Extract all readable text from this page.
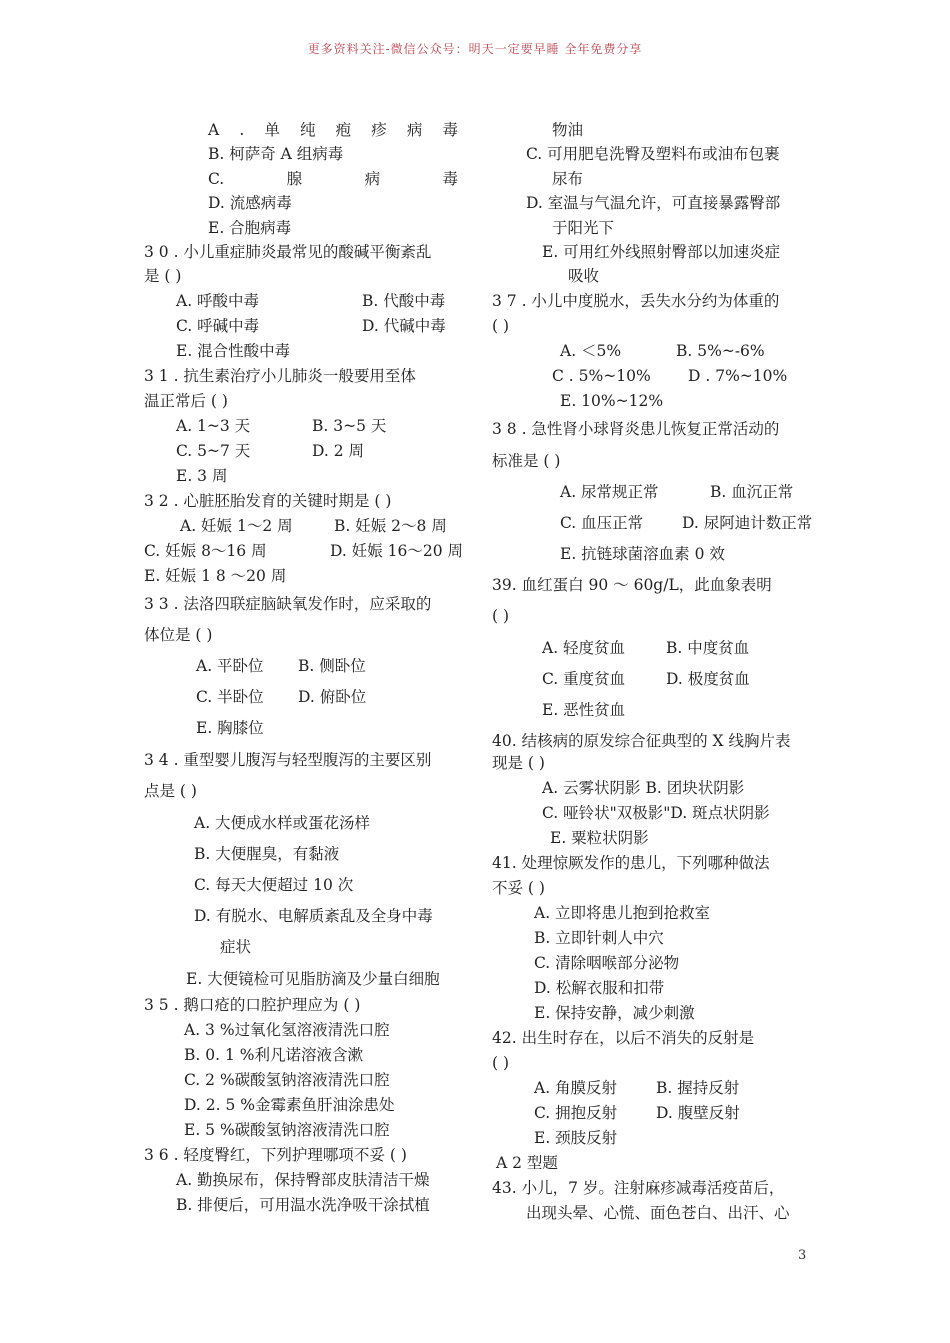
更多资料关注-微信公众号：明天一定要早睡 全年免费分享
A . 单 纯 疱 疹 病 毒
B. 柯萨奇 A 组病毒
C.	腺	病	毒
D. 流感病毒
E. 合胞病毒
3 0 . 小儿重症肺炎最常见的酸碱平衡紊乱
是 ( )
A. 呼酸中毒	B. 代酸中毒
C. 呼碱中毒	D. 代碱中毒
E. 混合性酸中毒
3 1 . 抗生素治疗小儿肺炎一般要用至体
温正常后 ( )
A. 1~3 天	B. 3~5 天
C. 5~7 天	D. 2 周
E. 3 周
3 2 . 心脏胚胎发育的关键时期是 ( )
A. 妊娠 1～2 周	B. 妊娠 2～8 周
C. 妊娠 8～16 周	D. 妊娠 16～20 周
E. 妊娠 1 8 ～20 周
3 3 . 法洛四联症脑缺氧发作时，应采取的
体位是 ( )
A. 平卧位 B. 侧卧位
C. 半卧位 D. 俯卧位
E. 胸膝位
3 4 . 重型婴儿腹泻与轻型腹泻的主要区别
点是 ( )
A. 大便成水样或蛋花汤样
B. 大便腥臭，有黏液
C. 每天大便超过 10 次
D. 有脱水、电解质紊乱及全身中毒
症状
E. 大便镜检可见脂肪滴及少量白细胞
3 5 . 鹅口疮的口腔护理应为 ( )
A. 3 %过氧化氢溶液清洗口腔
B. 0. 1 %利凡诺溶液含漱
C. 2 %碳酸氢钠溶液清洗口腔
D. 2. 5 %金霉素鱼肝油涂患处
E. 5 %碳酸氢钠溶液清洗口腔
3 6 . 轻度臀红，下列护理哪项不妥 ( )
A. 勤换尿布，保持臀部皮肤清洁干燥
B. 排便后，可用温水洗净吸干涂拭植
物油
C. 可用肥皂洗臀及塑料布或油布包裹
尿布
D. 室温与气温允许，可直接暴露臀部
于阳光下
E. 可用红外线照射臀部以加速炎症
吸收
3 7 . 小儿中度脱水，丢失水分约为体重的
( )
A. ＜5%	B. 5%~-6%
C . 5%~10% D . 7%~10%
E. 10%~12%
3 8 . 急性肾小球肾炎患儿恢复正常活动的
标准是 ( )
A. 尿常规正常	B. 血沉正常
C. 血压正常	D. 尿阿迪计数正常
E. 抗链球菌溶血素 0 效
39. 血红蛋白 90 ～ 60g/L，此血象表明
( )
A. 轻度贫血	B. 中度贫血
C. 重度贫血	D. 极度贫血
E. 恶性贫血
40. 结核病的原发综合征典型的 X 线胸片表
现是 ( )
A. 云雾状阴影 B. 团块状阴影
C. 哑铃状"双极影"D. 斑点状阴影
E. 粟粒状阴影
41. 处理惊厥发作的患儿，下列哪种做法
不妥 ( )
A. 立即将患儿抱到抢救室
B. 立即针刺人中穴
C. 清除咽喉部分泌物
D. 松解衣服和扣带
E. 保持安静，减少刺激
42. 出生时存在，以后不消失的反射是
( )
A. 角膜反射	B. 握持反射
C. 拥抱反射	D. 腹壁反射
E. 颈肢反射
A 2 型题
43. 小儿，7 岁。注射麻疹减毒活疫苗后，
出现头晕、心慌、面色苍白、出汗、心
3
